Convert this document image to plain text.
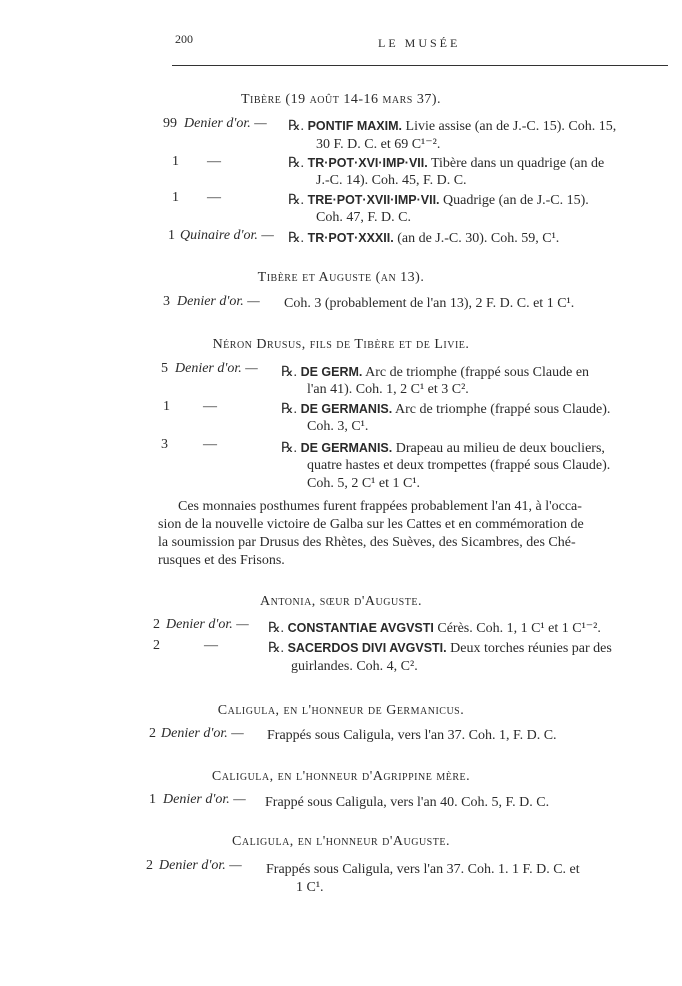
200	LE MUSÉE
Tibère (19 août 14-16 mars 37).
99 Denier d'or. — ℞. PONTIF MAXIM. Livie assise (an de J.-C. 15). Coh. 15,
30 F. D. C. et 69 C¹⁻².
1 —	℞. TR·POT·XVI·IMP·VII. Tibère dans un quadrige (an de
J.-C. 14). Coh. 45, F. D. C.
1 —	℞. TRE·POT·XVII·IMP·VII. Quadrige (an de J.-C. 15).
Coh. 47, F. D. C.
1 Quinaire d'or. — ℞. TR·POT·XXXII. (an de J.-C. 30). Coh. 59, C¹.
Tibère et Auguste (an 13).
3 Denier d'or. — Coh. 3 (probablement de l'an 13), 2 F. D. C. et 1 C¹.
Néron Drusus, fils de Tibère et de Livie.
5 Denier d'or. — ℞. DE GERM. Arc de triomphe (frappé sous Claude en
l'an 41). Coh. 1, 2 C¹ et 3 C².
1 —	℞. DE GERMANIS. Arc de triomphe (frappé sous Claude).
Coh. 3, C¹.
3	—	℞. DE GERMANIS. Drapeau au milieu de deux boucliers,
quatre hastes et deux trompettes (frappé sous Claude).
Coh. 5, 2 C¹ et 1 C¹.
Ces monnaies posthumes furent frappées probablement l'an 41, à l'occa-
sion de la nouvelle victoire de Galba sur les Cattes et en commémoration de
la soumission par Drusus des Rhètes, des Suèves, des Sicambres, des Ché-
rusques et des Frisons.
Antonia, sœur d'Auguste.
2 Denier d'or. — ℞. CONSTANTIAE AVGVSTI Cérès. Coh. 1, 1 C¹ et 1 C¹⁻².
2	—	℞. SACERDOS DIVI AVGVSTI. Deux torches réunies par des
guirlandes. Coh. 4, C².
Caligula, en l'honneur de Germanicus.
2 Denier d'or. — Frappés sous Caligula, vers l'an 37. Coh. 1, F. D. C.
Caligula, en l'honneur d'Agrippine mère.
1 Denier d'or. — Frappé sous Caligula, vers l'an 40. Coh. 5, F. D. C.
Caligula, en l'honneur d'Auguste.
2 Denier d'or. — Frappés sous Caligula, vers l'an 37. Coh. 1. 1 F. D. C. et
1 C¹.
